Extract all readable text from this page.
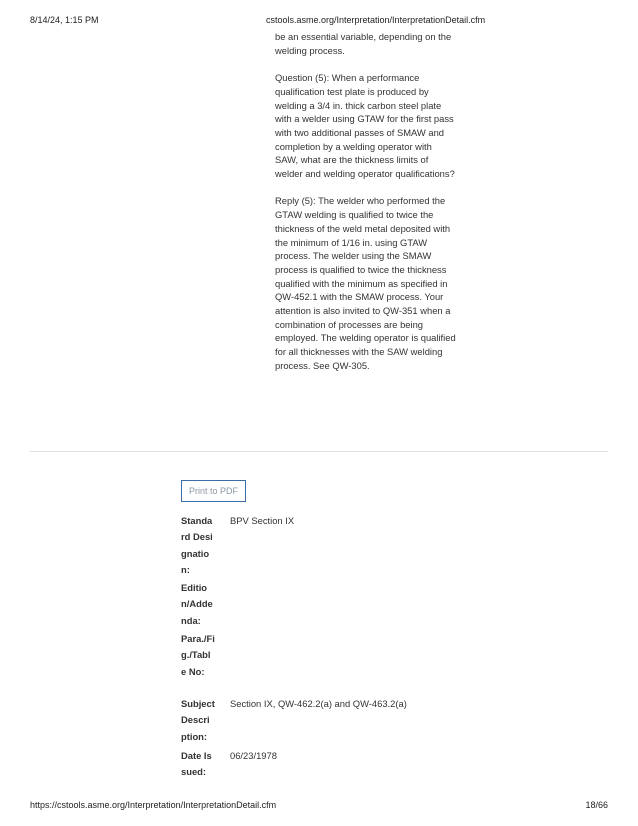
8/14/24, 1:15 PM	cstools.asme.org/Interpretation/InterpretationDetail.cfm

be an essential variable, depending on the welding process.

Question (5): When a performance qualification test plate is produced by welding a 3/4 in. thick carbon steel plate with a welder using GTAW for the first pass with two additional passes of SMAW and completion by a welding operator with SAW, what are the thickness limits of welder and welding operator qualifications?

Reply (5): The welder who performed the GTAW welding is qualified to twice the thickness of the weld metal deposited with the minimum of 1/16 in. using GTAW process. The welder using the SMAW process is qualified to twice the thickness qualified with the minimum as specified in QW-452.1 with the SMAW process. Your attention is also invited to QW-351 when a combination of processes are being employed. The welding operator is qualified for all thicknesses with the SAW welding process. See QW-305.

Print to PDF
Standard Designation:
BPV Section IX
Edition/Addenda:
Para./Fig./Table No:
Subject Description:
Section IX, QW-462.2(a) and QW-463.2(a)
Date Issued:
06/23/1978
https://cstools.asme.org/Interpretation/InterpretationDetail.cfm	18/66
